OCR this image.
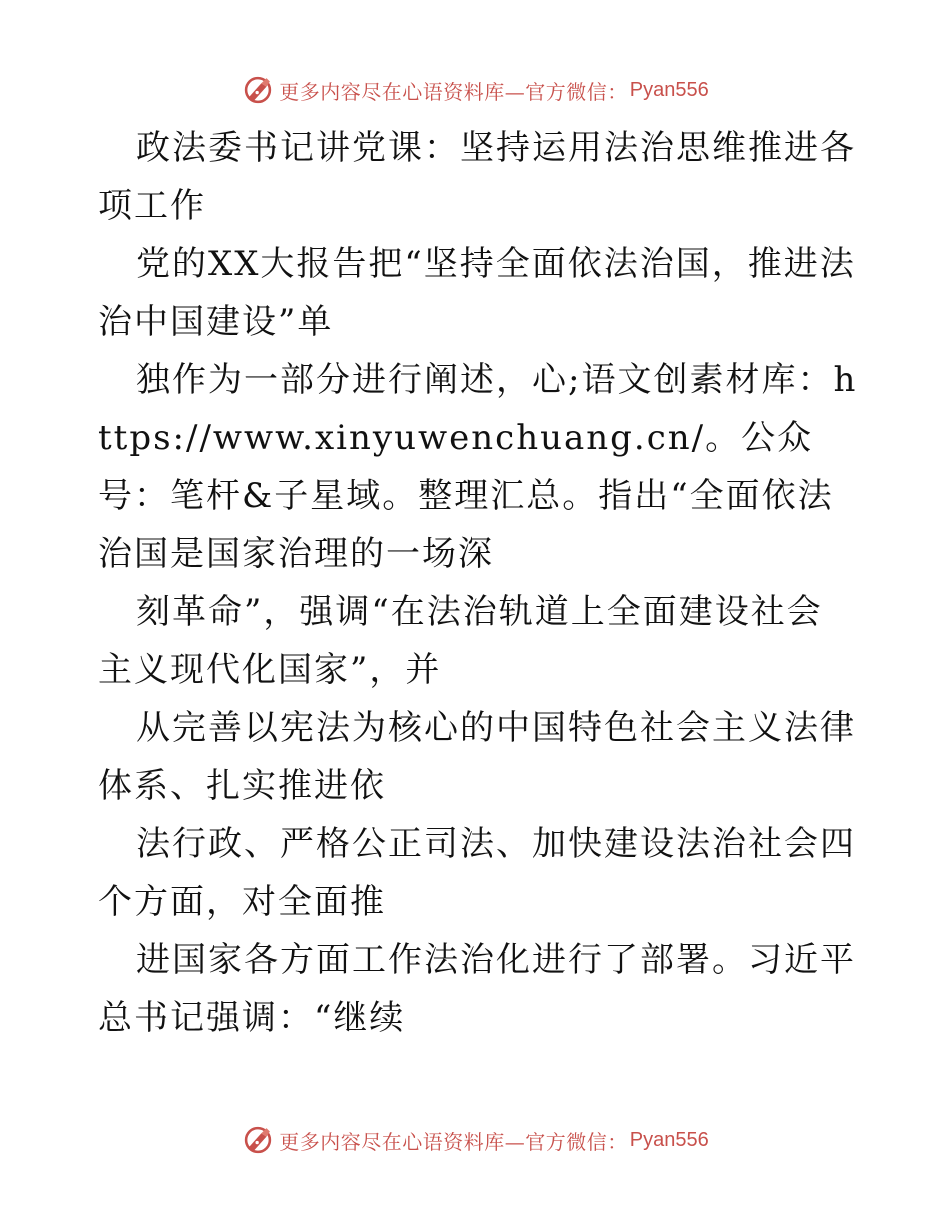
更多内容尽在心语资料库—官方微信： Pyan556

政法委书记讲党课：坚持运用法治思维推进各项工作

党的XX大报告把“坚持全面依法治国，推进法治中国建设”单

独作为一部分进行阐述，心;语文创素材库：https://www.xinyuwenchuang.cn/。公众号：笔杆&子星域。整理汇总。指出“全面依法治国是国家治理的一场深

刻革命”，强调“在法治轨道上全面建设社会主义现代化国家”，并

从完善以宪法为核心的中国特色社会主义法律体系、扎实推进依

法行政、严格公正司法、加快建设法治社会四个方面，对全面推

进国家各方面工作法治化进行了部署。习近平总书记强调：“继续

更多内容尽在心语资料库—官方微信： Pyan556
